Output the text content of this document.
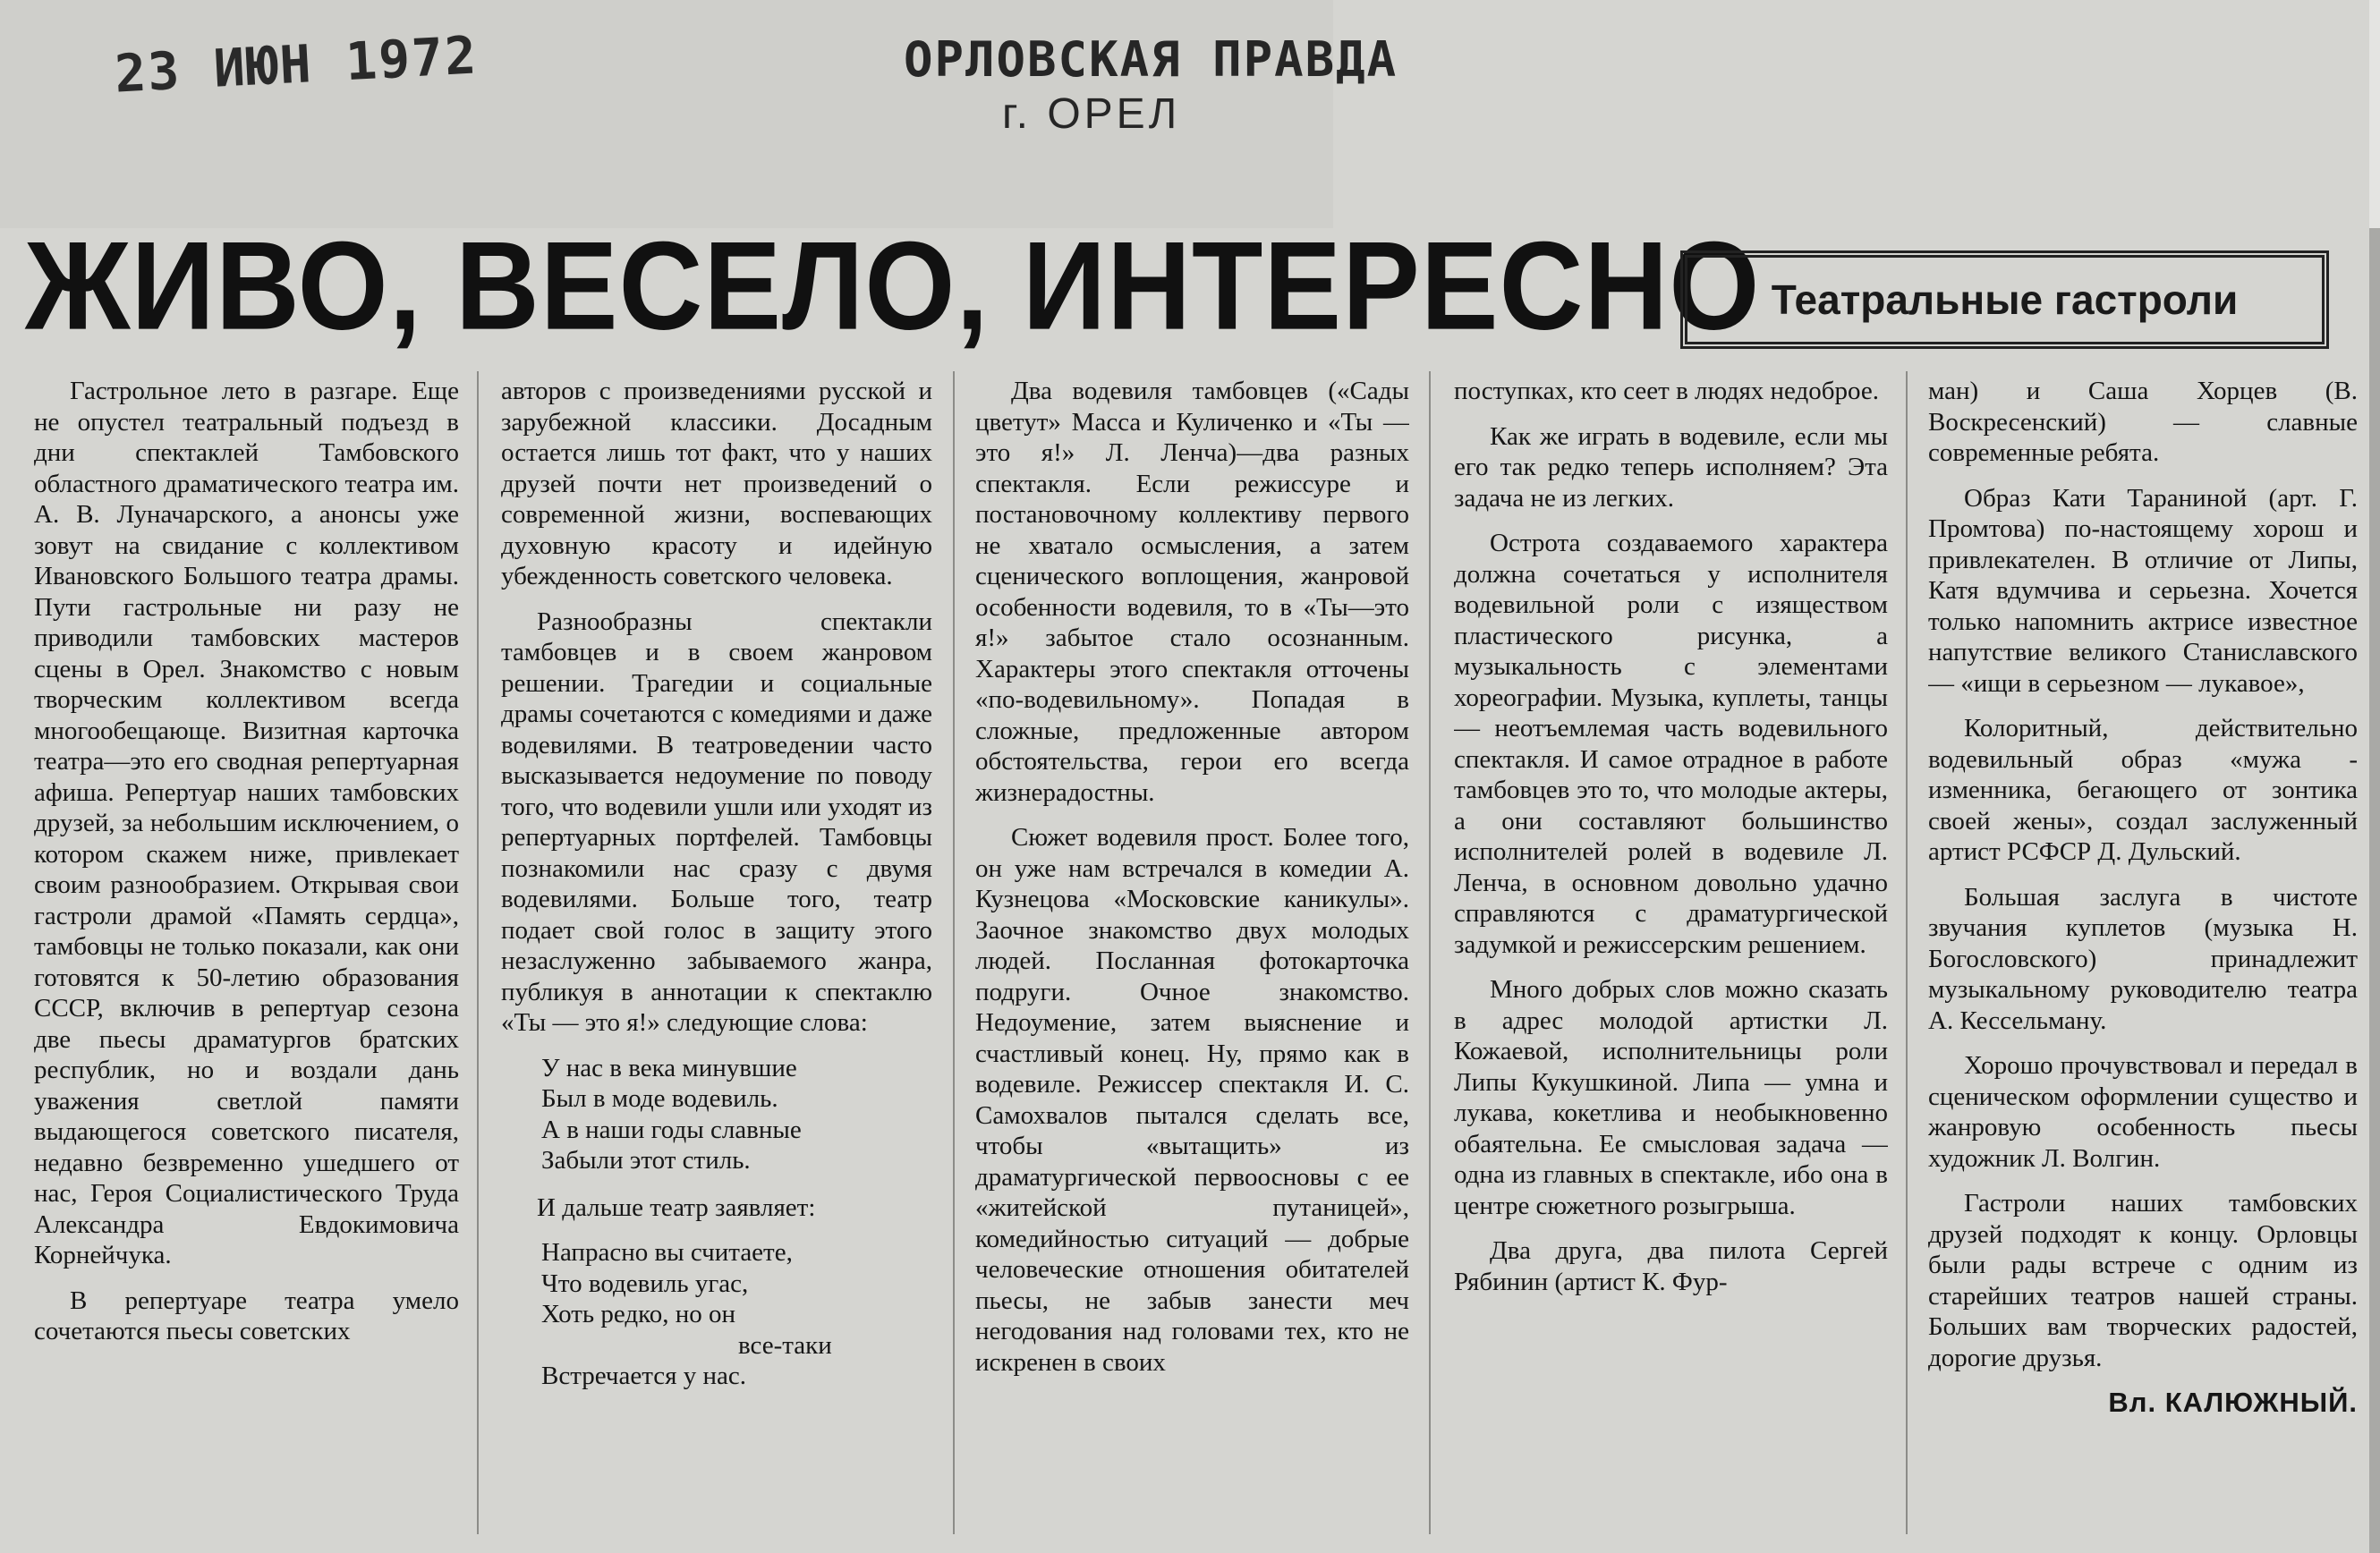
23 ИЮН 1972	ОРЛОВСКАЯ ПРАВДА
г. ОРЕЛ
ЖИВО, ВЕСЕЛО, ИНТЕРЕСНО Театральные гастроли

Гастрольное лето в разгаре. Еще не опустел театральный подъезд в дни спектаклей Тамбовского областного драматического театра им. А. В. Луначарского, а анонсы уже зовут на свидание с коллективом Ивановского Большого театра драмы. Пути гастрольные ни разу не приводили тамбовских мастеров сцены в Орел. Знакомство с новым творческим коллективом всегда многообещающе. Визитная карточка театра—это его сводная репертуарная афиша. Репертуар наших тамбовских друзей, за небольшим исключением, о котором скажем ниже, привлекает своим разнообразием. Открывая свои гастроли драмой «Память сердца», тамбовцы не только показали, как они готовятся к 50-летию образования СССР, включив в репертуар сезона две пьесы драматургов братских республик, но и воздали дань уважения светлой памяти выдающегося советского писателя, недавно безвременно ушедшего от нас, Героя Социалистического Труда Александра Евдокимовича Корнейчука.

В репертуаре театра умело сочетаются пьесы советских

авторов с произведениями русской и зарубежной классики. Досадным остается лишь тот факт, что у наших друзей почти нет произведений о современной жизни, воспевающих духовную красоту и идейную убежденность советского человека.

Разнообразны спектакли тамбовцев и в своем жанровом решении. Трагедии и социальные драмы сочетаются с комедиями и даже водевилями. В театроведении часто высказывается недоумение по поводу того, что водевили ушли или уходят из репертуарных портфелей. Тамбовцы познакомили нас сразу с двумя водевилями. Больше того, театр подает свой голос в защиту этого незаслуженно забываемого жанра, публикуя в аннотации к спектаклю «Ты — это я!» следующие слова:

У нас в века минувшие
Был в моде водевиль.
А в наши годы славные
Забыли этот стиль.

И дальше театр заявляет:

Напрасно вы считаете,
Что водевиль угас,
Хоть редко, но он
все-таки
Встречается у нас.

Два водевиля тамбовцев («Сады цветут» Масса и Куличенко и «Ты — это я!» Л. Ленча)—два разных спектакля. Если режиссуре и постановочному коллективу первого не хватало осмысления, а затем сценического воплощения, жанровой особенности водевиля, то в «Ты—это я!» забытое стало осознанным. Характеры этого спектакля отточены «по-водевильному». Попадая в сложные, предложенные автором обстоятельства, герои его всегда жизнерадостны.

Сюжет водевиля прост. Более того, он уже нам встречался в комедии А. Кузнецова «Московские каникулы». Заочное знакомство двух молодых людей. Посланная фотокарточка подруги. Очное знакомство. Недоумение, затем выяснение и счастливый конец. Ну, прямо как в водевиле. Режиссер спектакля И. С. Самохвалов пытался сделать все, чтобы «вытащить» из драматургической первоосновы с ее «житейской путаницей», комедийностью ситуаций — добрые человеческие отношения обитателей пьесы, не забыв занести меч негодования над головами тех, кто не искренен в своих

поступках, кто сеет в людях недоброе.

Как же играть в водевиле, если мы его так редко теперь исполняем? Эта задача не из легких.

Острота создаваемого характера должна сочетаться у исполнителя водевильной роли с изяществом пластического рисунка, а музыкальность с элементами хореографии. Музыка, куплеты, танцы — неотъемлемая часть водевильного спектакля. И самое отрадное в работе тамбовцев это то, что молодые актеры, а они составляют большинство исполнителей ролей в водевиле Л. Ленча, в основном довольно удачно справляются с драматургической задумкой и режиссерским решением.

Много добрых слов можно сказать в адрес молодой артистки Л. Кожаевой, исполнительницы роли Липы Кукушкиной. Липа — умна и лукава, кокетлива и необыкновенно обаятельна. Ее смысловая задача — одна из главных в спектакле, ибо она в центре сюжетного розыгрыша.

Два друга, два пилота Сергей Рябинин (артист К. Фур-

ман) и Саша Хорцев (В. Воскресенский) — славные современные ребята.

Образ Кати Тараниной (арт. Г. Промтова) по-настоящему хорош и привлекателен. В отличие от Липы, Катя вдумчива и серьезна. Хочется только напомнить актрисе известное напутствие великого Станиславского — «ищи в серьезном — лукавое»,

Колоритный, действительно водевильный образ «мужа - изменника, бегающего от зонтика своей жены», создал заслуженный артист РСФСР Д. Дульский.

Большая заслуга в чистоте звучания куплетов (музыка Н. Богословского) принадлежит музыкальному руководителю театра А. Кессельману.

Хорошо прочувствовал и передал в сценическом оформлении существо и жанровую особенность пьесы художник Л. Волгин.

Гастроли наших тамбовских друзей подходят к концу. Орловцы были рады встрече с одним из старейших театров нашей страны. Большиx вам творческих радостей, дорогие друзья.

Вл. КАЛЮЖНЫЙ.
